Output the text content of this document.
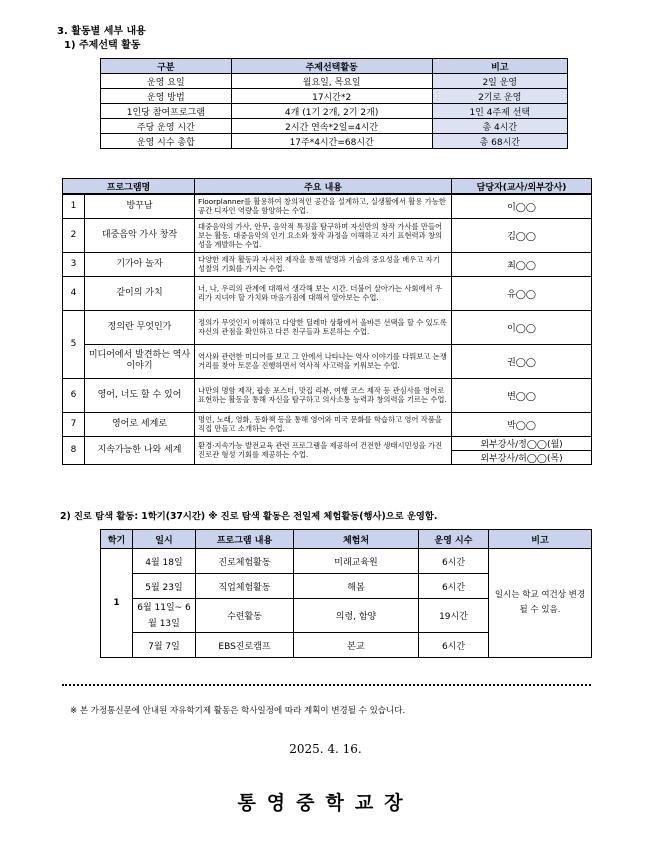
3. 활동별 세부 내용
1) 주제선택 활동
구분	주제선택활동	비고
운영 요일	월요일, 목요일	2일 운영
운영 방법	17시간*2	2기로 운영
1인당 참여프로그램	4개 (1기 2개, 2기 2개)	1인 4주제 선택
주당 운영 시간	2시간 연속*2일=4시간	총 4시간
운영 시수 총합	17주*4시간=68시간	총 68시간
프로그램명		주요 내용	담당자(교사/외부강사)
1	방꾸남	Floorplanner를 활용하여 창의적인 공간을 설계하고, 실생활에서 활용 가능한 공간 디자인 역량을 함양하는 수업.	이◯◯
2	대중음악 가사 창작	대중음악의 가사, 안무, 음악적 특징을 탐구하며 자신만의 창작 가사를 만들어보는 활동. 대중음악의 인기 요소와 창작 과정을 이해하고 자기 표현력과 창의성을 계발하는 수업.	김◯◯
3	기가아 놀자	다양한 제작 활동과 자서전 제작을 통해 발명과 기술의 중요성을 배우고 자기 성찰의 기회를 가지는 수업.	최◯◯
4	같이의 가치	너, 나, 우리의 관계에 대해서 생각해 보는 시간. 더불어 살아가는 사회에서 우리가 지녀야 할 가치와 마음가짐에 대해서 알아보는 수업.	유◯◯
5	정의란 무엇인가	정의가 무엇인지 이해하고 다양한 딜레마 상황에서 올바른 선택을 할 수 있도록 자신의 관점을 확인하고 다른 친구들과 토론하는 수업.	이◯◯
	미디어에서 발견하는 역사 이야기	역사와 관련한 미디어를 보고 그 안에서 나타나는 역사 이야기를 다뤄보고 논쟁거리를 찾아 토론을 진행하면서 역사적 사고력을 키워보는 수업.	권◯◯
6	영어, 너도 할 수 있어	나만의 명함 제작, 팝송 포스터, 맛집 리뷰, 여행 코스 제작 등 관심사를 영어로 표현하는 활동을 통해 자신을 탐구하고 의사소통 능력과 창의력을 기르는 수업.	변◯◯
7	영어로 세계로	명언, 노래, 영화, 동화책 등을 통해 영어와 미국 문화를 학습하고 영어 작품을 직접 만들고 소개하는 수업.	박◯◯
8	지속가능한 나와 세계	환경·지속가능 발전교육 관련 프로그램을 제공하여 건전한 생태시민성을 가진 진로관 형성 기회를 제공하는 수업.	외부강사/정◯◯(월)
			외부강사/허◯◯(목)
2) 진로 탐색 활동: 1학기(37시간) ※ 진로 탐색 활동은 전일제 체험활동(행사)으로 운영함.
학기	일시	프로그램 내용	체험처	운영 시수	비고
1	4월 18일	진로체험활동	미래교육원	6시간	일시는 학교 여건상 변경될 수 있음.
	5월 23일	직업체험활동	해봄	6시간	
	6월 11일~ 6월 13일	수련활동	의령, 함양	19시간	
	7월 7일	EBS진로캠프	본교	6시간	
※ 본 가정통신문에 안내된 자유학기제 활동은 학사일정에 따라 계획이 변경될 수 있습니다.
2025. 4. 16.
통영중학교장
